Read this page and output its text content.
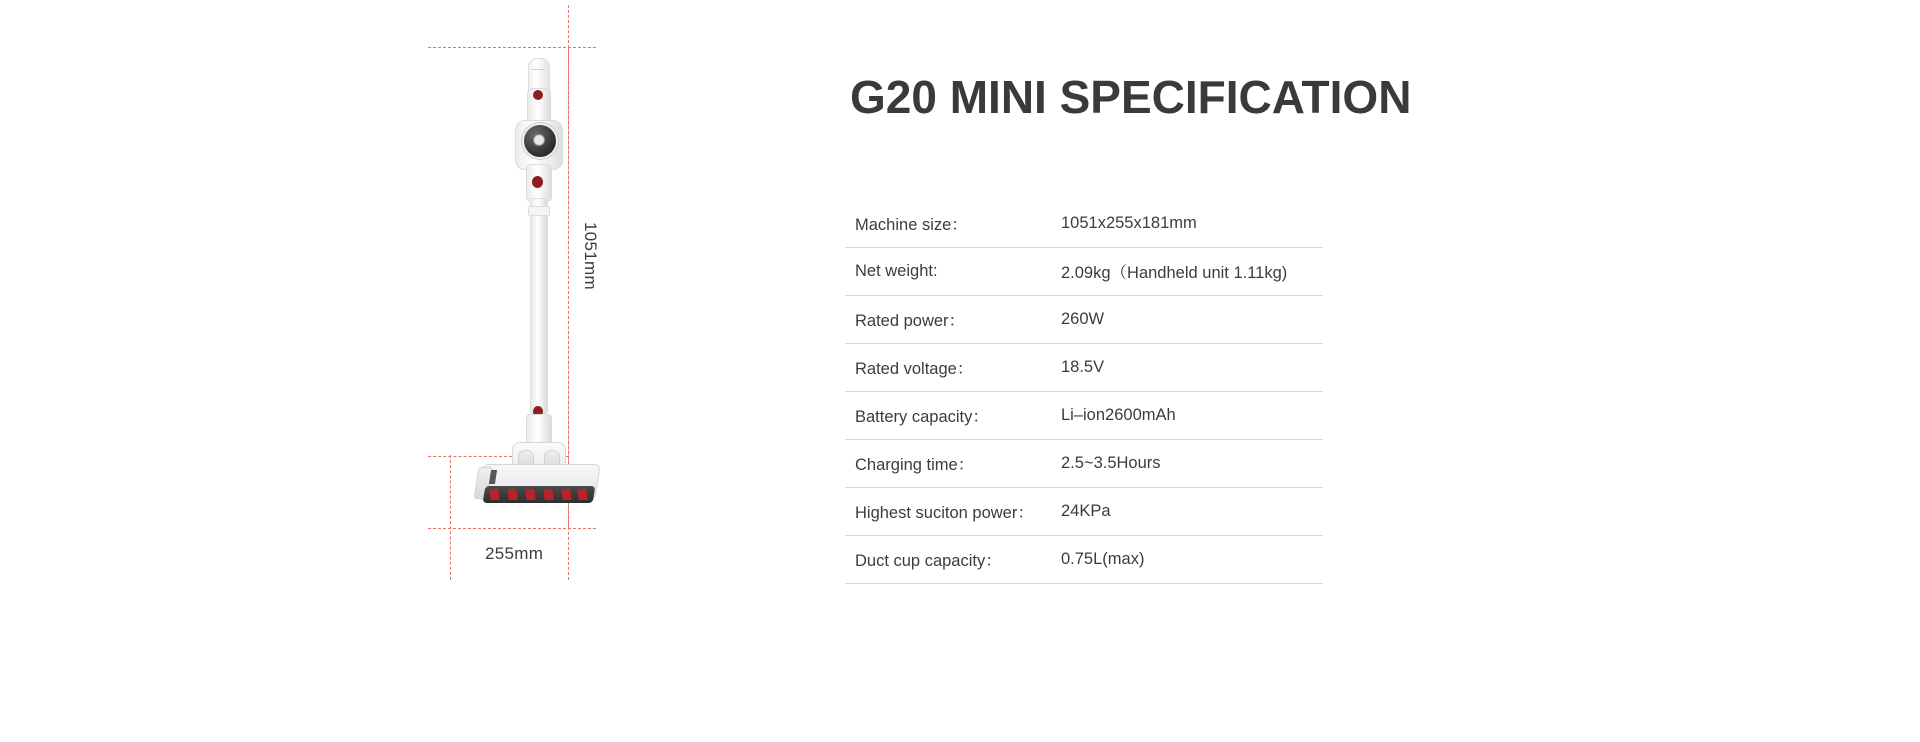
1051mm
255mm
G20 MINI SPECIFICATION
Machine size：	1051x255x181mm
Net weight:	2.09kg（Handheld unit 1.11kg)
Rated power：	260W
Rated voltage：	18.5V
Battery capacity：	Li–ion2600mAh
Charging time：	2.5~3.5Hours
Highest suciton power：	24KPa
Duct cup capacity：	0.75L(max)
